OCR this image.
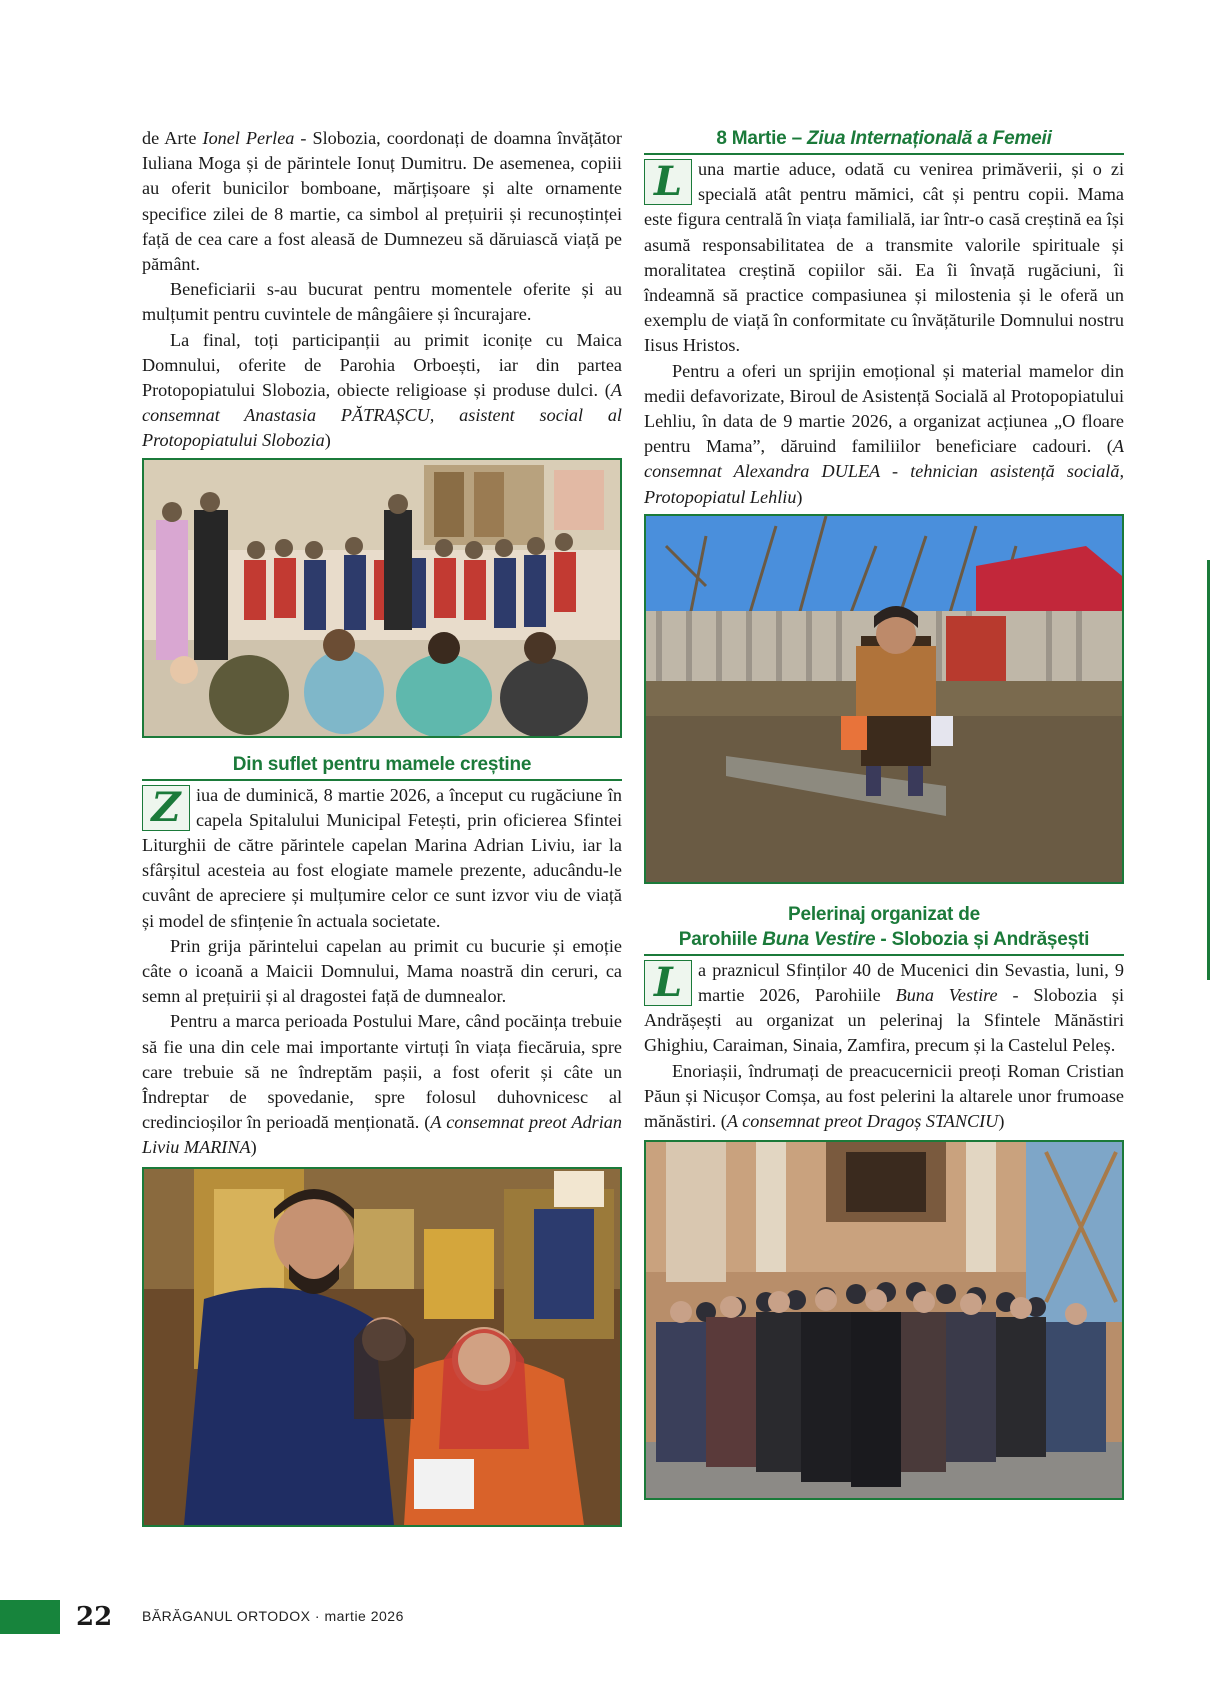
de Arte Ionel Perlea - Slobozia, coordonați de doamna învățător Iuliana Moga și de părintele Ionuț Dumitru. De asemenea, copiii au oferit bunicilor bomboane, mărțișoare și alte ornamente specifice zilei de 8 martie, ca simbol al prețuirii și recunoștinței față de cea care a fost aleasă de Dumnezeu să dăruiască viață pe pământ.

Beneficiarii s-au bucurat pentru momentele oferite și au mulțumit pentru cuvintele de mângâiere și încurajare.

La final, toți participanții au primit iconițe cu Maica Domnului, oferite de Parohia Orboești, iar din partea Protopopiatului Slobozia, obiecte religioase și produse dulci. (A consemnat Anastasia PĂTRAȘCU, asistent social al Protopopiatului Slobozia)

Din suflet pentru mamele creștine

Z iua de duminică, 8 martie 2026, a început cu rugăciune în capela Spitalului Municipal Fetești, prin oficierea Sfintei Liturghii de către părintele capelan Marina Adrian Liviu, iar la sfârșitul acesteia au fost elogiate mamele prezente, aducându-le cuvânt de apreciere și mulțumire celor ce sunt izvor viu de viață și model de sfințenie în actuala societate.

Prin grija părintelui capelan au primit cu bucurie și emoție câte o icoană a Maicii Domnului, Mama noastră din ceruri, ca semn al prețuirii și al dragostei față de dumnealor.

Pentru a marca perioada Postului Mare, când pocăința trebuie să fie una din cele mai importante virtuți în viața fiecăruia, spre care trebuie să ne îndreptăm pașii, a fost oferit și câte un Îndreptar de spovedanie, spre folosul duhovnicesc al credincioșilor în perioadă menționată. (A consemnat preot Adrian Liviu MARINA)

8 Martie – Ziua Internațională a Femeii

L una martie aduce, odată cu venirea primăverii, și o zi specială atât pentru mămici, cât și pentru copii. Mama este figura centrală în viața familială, iar într-o casă creștină ea își asumă responsabilitatea de a transmite valorile spirituale și moralitatea creștină copiilor săi. Ea îi învață rugăciuni, îi îndeamnă să practice compasiunea și milostenia și le oferă un exemplu de viață în conformitate cu învățăturile Domnului nostru Iisus Hristos.

Pentru a oferi un sprijin emoțional și material mamelor din medii defavorizate, Biroul de Asistență Socială al Protopopiatului Lehliu, în data de 9 martie 2026, a organizat acțiunea „O floare pentru Mama”, dăruind familiilor beneficiare cadouri. (A consemnat Alexandra DULEA - tehnician asistență socială, Protopopiatul Lehliu)

Pelerinaj organizat de
Parohiile Buna Vestire - Slobozia și Andrășești

L a praznicul Sfinților 40 de Mucenici din Sevastia, luni, 9 martie 2026, Parohiile Buna Vestire - Slobozia și Andrășești au organizat un pelerinaj la Sfintele Mănăstiri Ghighiu, Caraiman, Sinaia, Zamfira, precum și la Castelul Peleș.

Enoriașii, îndrumați de preacucernicii preoți Roman Cristian Păun și Nicușor Comșa, au fost pelerini la altarele unor frumoase mănăstiri. (A consemnat preot Dragoș STANCIU)

22 BĂRĂGANUL ORTODOX · martie 2026
